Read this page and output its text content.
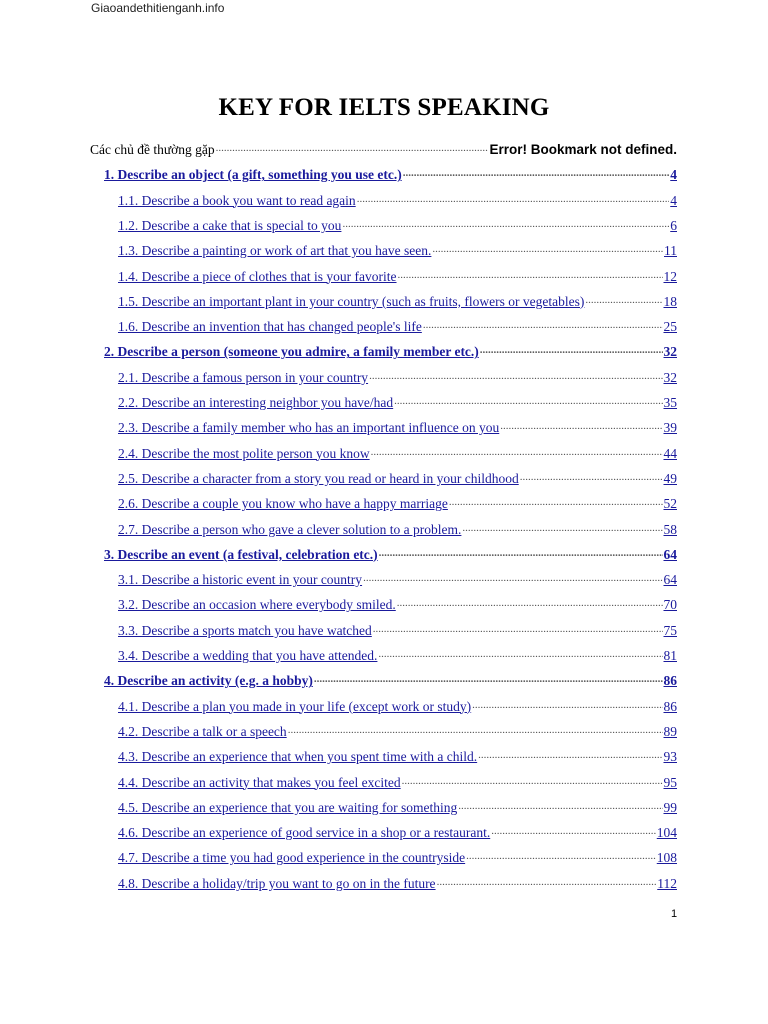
Giaoandethitienganh.info
KEY FOR IELTS SPEAKING
Các chủ đề thường gặp .....	Error! Bookmark not defined.
1. Describe an object (a gift, something you use etc.) .....	4
1.1. Describe a book you want to read again .....	4
1.2. Describe a cake that is special to you .....	6
1.3. Describe a painting or work of art that you have seen. .....	11
1.4. Describe a piece of clothes that is your favorite .....	12
1.5. Describe an important plant in your country (such as fruits, flowers or vegetables) .....	18
1.6. Describe an invention that has changed people's life .....	25
2. Describe a person (someone you admire, a family member etc.) .....	32
2.1. Describe a famous person in your country .....	32
2.2. Describe an interesting neighbor you have/had .....	35
2.3. Describe a family member who has an important influence on you .....	39
2.4. Describe the most polite person you know .....	44
2.5. Describe a character from a story you read or heard in your childhood .....	49
2.6. Describe a couple you know who have a happy marriage .....	52
2.7. Describe a person who gave a clever solution to a problem. .....	58
3. Describe an event (a festival, celebration etc.) .....	64
3.1. Describe a historic event in your country .....	64
3.2. Describe an occasion where everybody smiled. .....	70
3.3. Describe a sports match you have watched .....	75
3.4. Describe a wedding that you have attended. .....	81
4. Describe an activity (e.g. a hobby) .....	86
4.1. Describe a plan you made in your life (except work or study) .....	86
4.2. Describe a talk or a speech .....	89
4.3. Describe an experience that when you spent time with a child. .....	93
4.4. Describe an activity that makes you feel excited .....	95
4.5. Describe an experience that you are waiting for something .....	99
4.6. Describe an experience of good service in a shop or a restaurant. .....	104
4.7. Describe a time you had good experience in the countryside .....	108
4.8. Describe a holiday/trip you want to go on in the future .....	112
1
